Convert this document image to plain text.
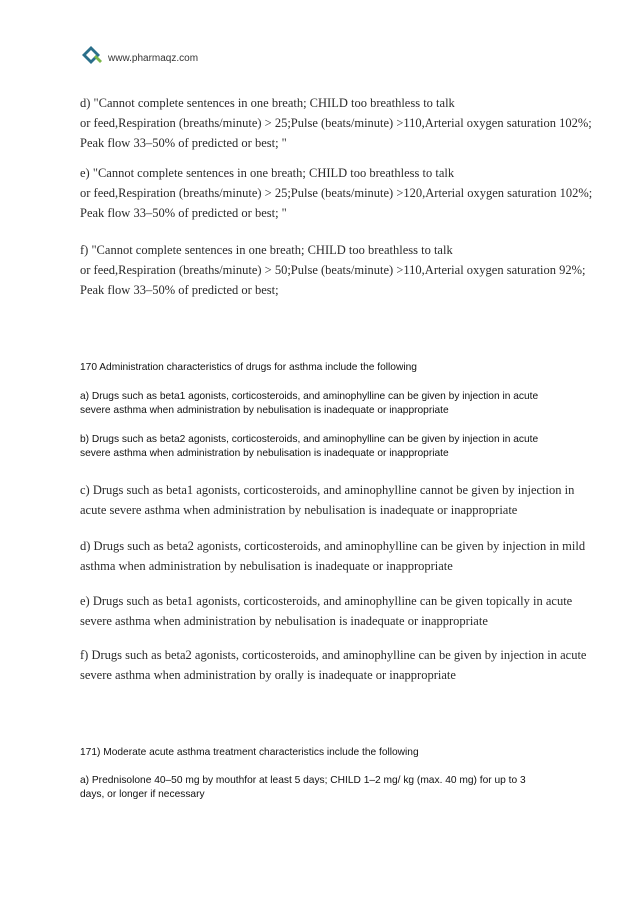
www.pharmaqz.com
d) "Cannot complete sentences in one breath; CHILD too breathless to talk
or feed,Respiration (breaths/minute) > 25;Pulse (beats/minute) >110,Arterial oxygen saturation 102%;
Peak flow 33–50% of predicted or best; "
e) "Cannot complete sentences in one breath; CHILD too breathless to talk
or feed,Respiration (breaths/minute) > 25;Pulse (beats/minute) >120,Arterial oxygen saturation 102%;
Peak flow 33–50% of predicted or best; "
f) "Cannot complete sentences in one breath; CHILD too breathless to talk
or feed,Respiration (breaths/minute) > 50;Pulse (beats/minute) >110,Arterial oxygen saturation 92%;
Peak flow 33–50% of predicted or best;
170 Administration characteristics of drugs for asthma include the following
a) Drugs such as beta1 agonists, corticosteroids, and aminophylline can be given by injection in acute
severe asthma when administration by nebulisation is inadequate or inappropriate
b) Drugs such as beta2 agonists, corticosteroids, and aminophylline can be given by injection in acute
severe asthma when administration by nebulisation is inadequate or inappropriate
c) Drugs such as beta1 agonists, corticosteroids, and aminophylline cannot be given by injection in
acute severe asthma when administration by nebulisation is inadequate or inappropriate
d) Drugs such as beta2 agonists, corticosteroids, and aminophylline can be given by injection in mild
asthma when administration by nebulisation is inadequate or inappropriate
e) Drugs such as beta1 agonists, corticosteroids, and aminophylline can be given topically in acute
severe asthma when administration by nebulisation is inadequate or inappropriate
f) Drugs such as beta2 agonists, corticosteroids, and aminophylline can be given by injection in acute
severe asthma when administration by orally is inadequate or inappropriate
171) Moderate acute asthma treatment characteristics include the following
a) Prednisolone 40–50 mg by mouthfor at least 5 days; CHILD 1–2 mg/ kg (max. 40 mg) for up to 3
days, or longer if necessary
